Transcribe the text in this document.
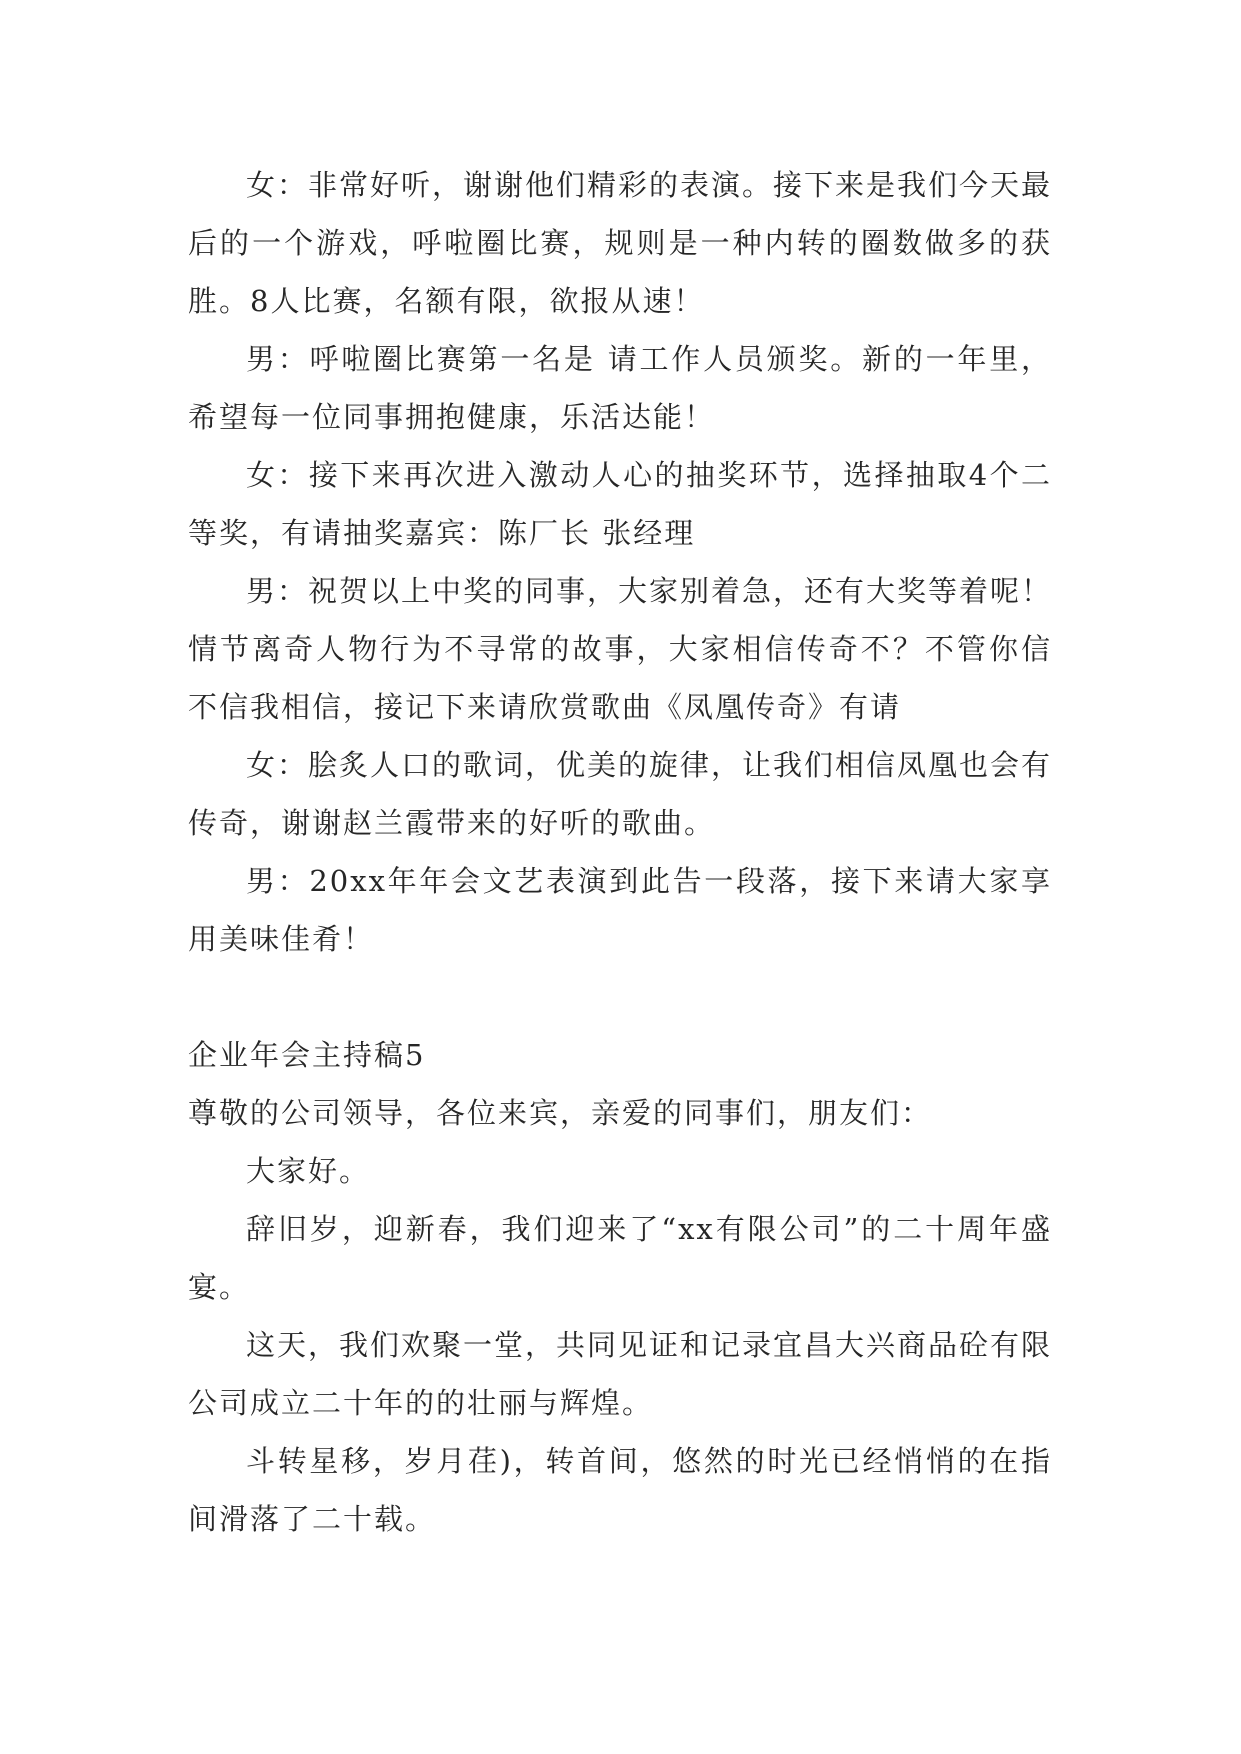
女：非常好听，谢谢他们精彩的表演。接下来是我们今天最后的一个游戏，呼啦圈比赛，规则是一种内转的圈数做多的获胜。8人比赛，名额有限，欲报从速！

男：呼啦圈比赛第一名是 请工作人员颁奖。新的一年里，希望每一位同事拥抱健康，乐活达能！

女：接下来再次进入激动人心的抽奖环节，选择抽取4个二等奖，有请抽奖嘉宾：陈厂长 张经理

男：祝贺以上中奖的同事，大家别着急，还有大奖等着呢！情节离奇人物行为不寻常的故事，大家相信传奇不？不管你信不信我相信，接记下来请欣赏歌曲《凤凰传奇》有请

女：脍炙人口的歌词，优美的旋律，让我们相信凤凰也会有传奇，谢谢赵兰霞带来的好听的歌曲。

男：20xx年年会文艺表演到此告一段落，接下来请大家享用美味佳肴！

企业年会主持稿5

尊敬的公司领导，各位来宾，亲爱的同事们，朋友们：

大家好。

辞旧岁，迎新春，我们迎来了“xx有限公司”的二十周年盛宴。

这天，我们欢聚一堂，共同见证和记录宜昌大兴商品砼有限公司成立二十年的的壮丽与辉煌。

斗转星移，岁月荏)，转首间，悠然的时光已经悄悄的在指间滑落了二十载。
